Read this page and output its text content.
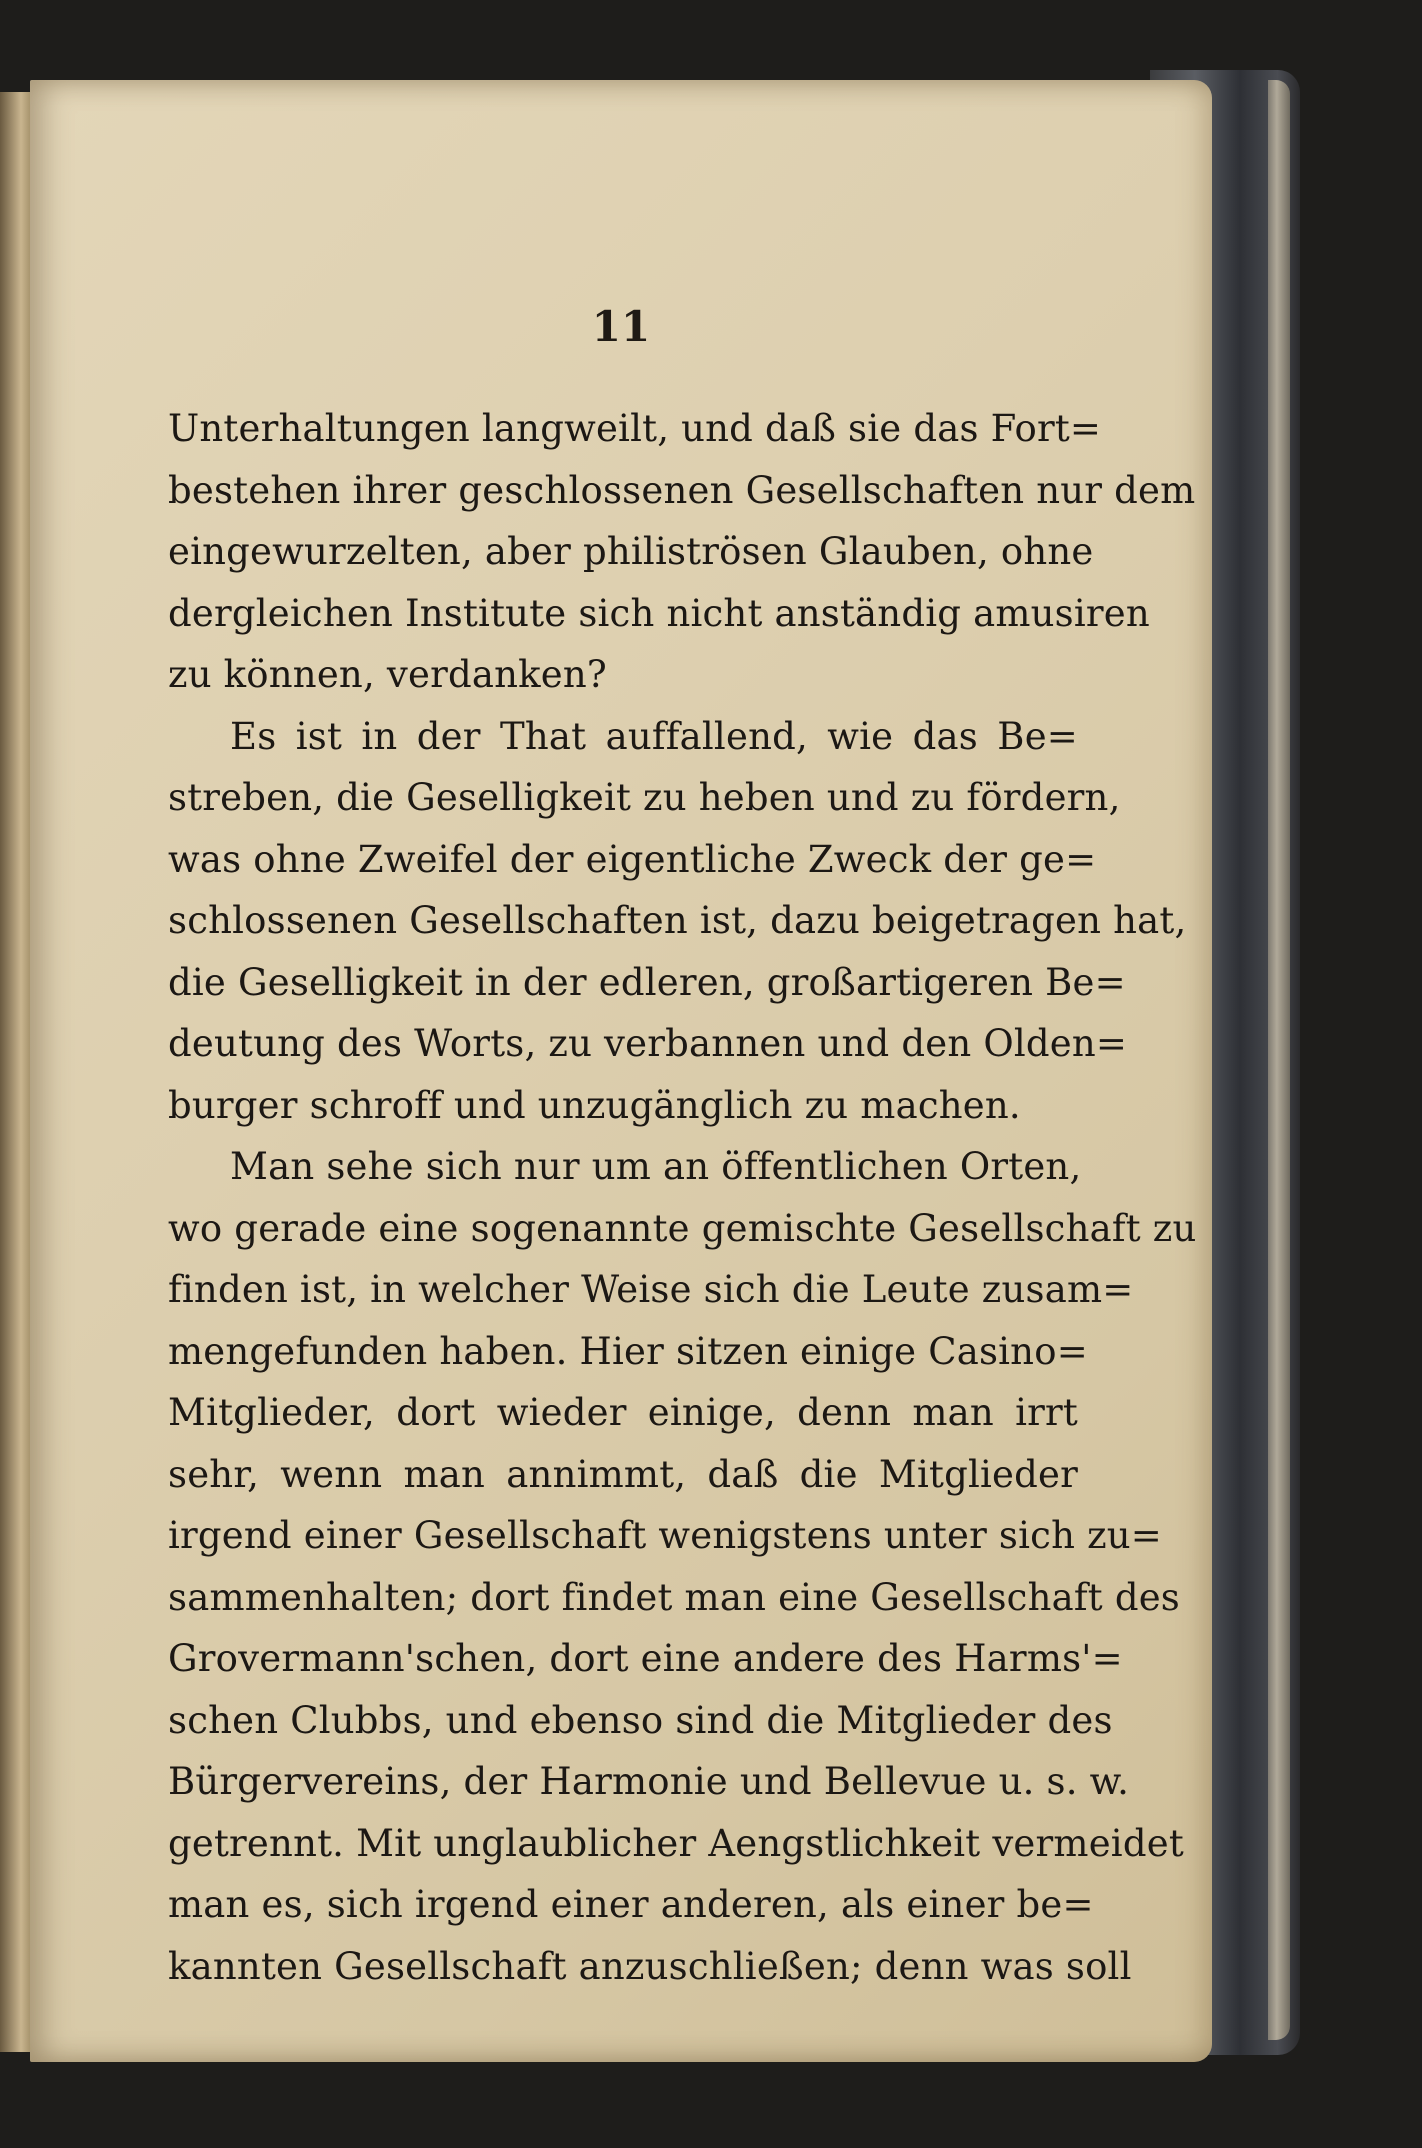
11

Unterhaltungen langweilt, und daß sie das Fort=
bestehen ihrer geschlossenen Gesellschaften nur dem
eingewurzelten, aber philiströsen Glauben, ohne
dergleichen Institute sich nicht anständig amusiren
zu können, verdanken?
Es ist in der That auffallend, wie das Be=
streben, die Geselligkeit zu heben und zu fördern,
was ohne Zweifel der eigentliche Zweck der ge=
schlossenen Gesellschaften ist, dazu beigetragen hat,
die Geselligkeit in der edleren, großartigeren Be=
deutung des Worts, zu verbannen und den Olden=
burger schroff und unzugänglich zu machen.
Man sehe sich nur um an öffentlichen Orten,
wo gerade eine sogenannte gemischte Gesellschaft zu
finden ist, in welcher Weise sich die Leute zusam=
mengefunden haben. Hier sitzen einige Casino=
Mitglieder, dort wieder einige, denn man irrt
sehr, wenn man annimmt, daß die Mitglieder
irgend einer Gesellschaft wenigstens unter sich zu=
sammenhalten; dort findet man eine Gesellschaft des
Grovermann'schen, dort eine andere des Harms'=
schen Clubbs, und ebenso sind die Mitglieder des
Bürgervereins, der Harmonie und Bellevue u. s. w.
getrennt. Mit unglaublicher Aengstlichkeit vermeidet
man es, sich irgend einer anderen, als einer be=
kannten Gesellschaft anzuschließen; denn was soll
